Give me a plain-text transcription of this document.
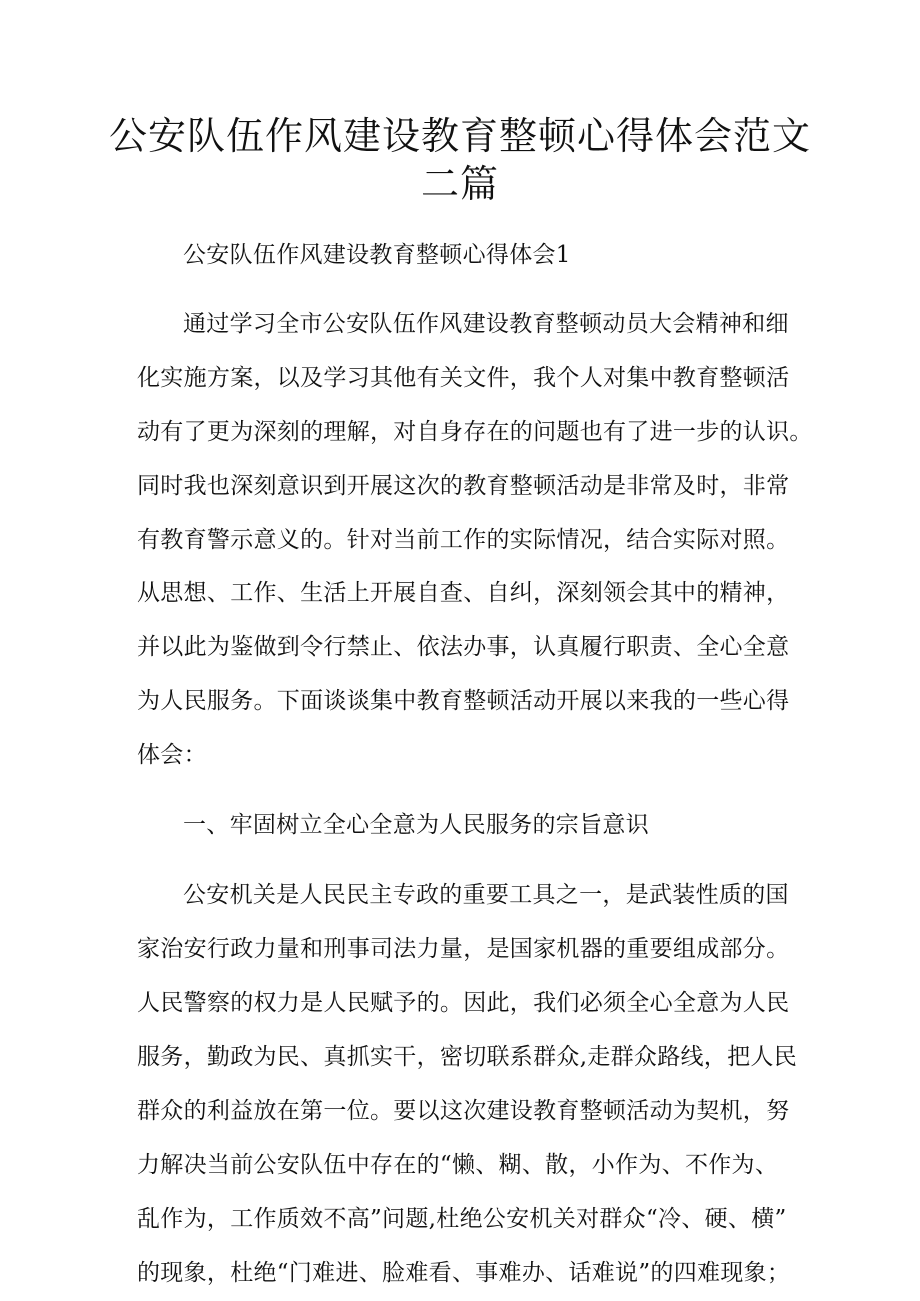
公安队伍作风建设教育整顿心得体会范文
二篇
公安队伍作风建设教育整顿心得体会1
通过学习全市公安队伍作风建设教育整顿动员大会精神和细
化实施方案，以及学习其他有关文件，我个人对集中教育整顿活
动有了更为深刻的理解，对自身存在的问题也有了进一步的认识。
同时我也深刻意识到开展这次的教育整顿活动是非常及时，非常
有教育警示意义的。针对当前工作的实际情况，结合实际对照。
从思想、工作、生活上开展自查、自纠，深刻领会其中的精神，
并以此为鉴做到令行禁止、依法办事，认真履行职责、全心全意
为人民服务。下面谈谈集中教育整顿活动开展以来我的一些心得
体会：
一、牢固树立全心全意为人民服务的宗旨意识
公安机关是人民民主专政的重要工具之一，是武装性质的国
家治安行政力量和刑事司法力量，是国家机器的重要组成部分。
人民警察的权力是人民赋予的。因此，我们必须全心全意为人民
服务，勤政为民、真抓实干，密切联系群众,走群众路线，把人民
群众的利益放在第一位。要以这次建设教育整顿活动为契机，努
力解决当前公安队伍中存在的“懒、糊、散，小作为、不作为、
乱作为，工作质效不高”问题,杜绝公安机关对群众“冷、硬、横”
的现象，杜绝“门难进、脸难看、事难办、话难说”的四难现象；
